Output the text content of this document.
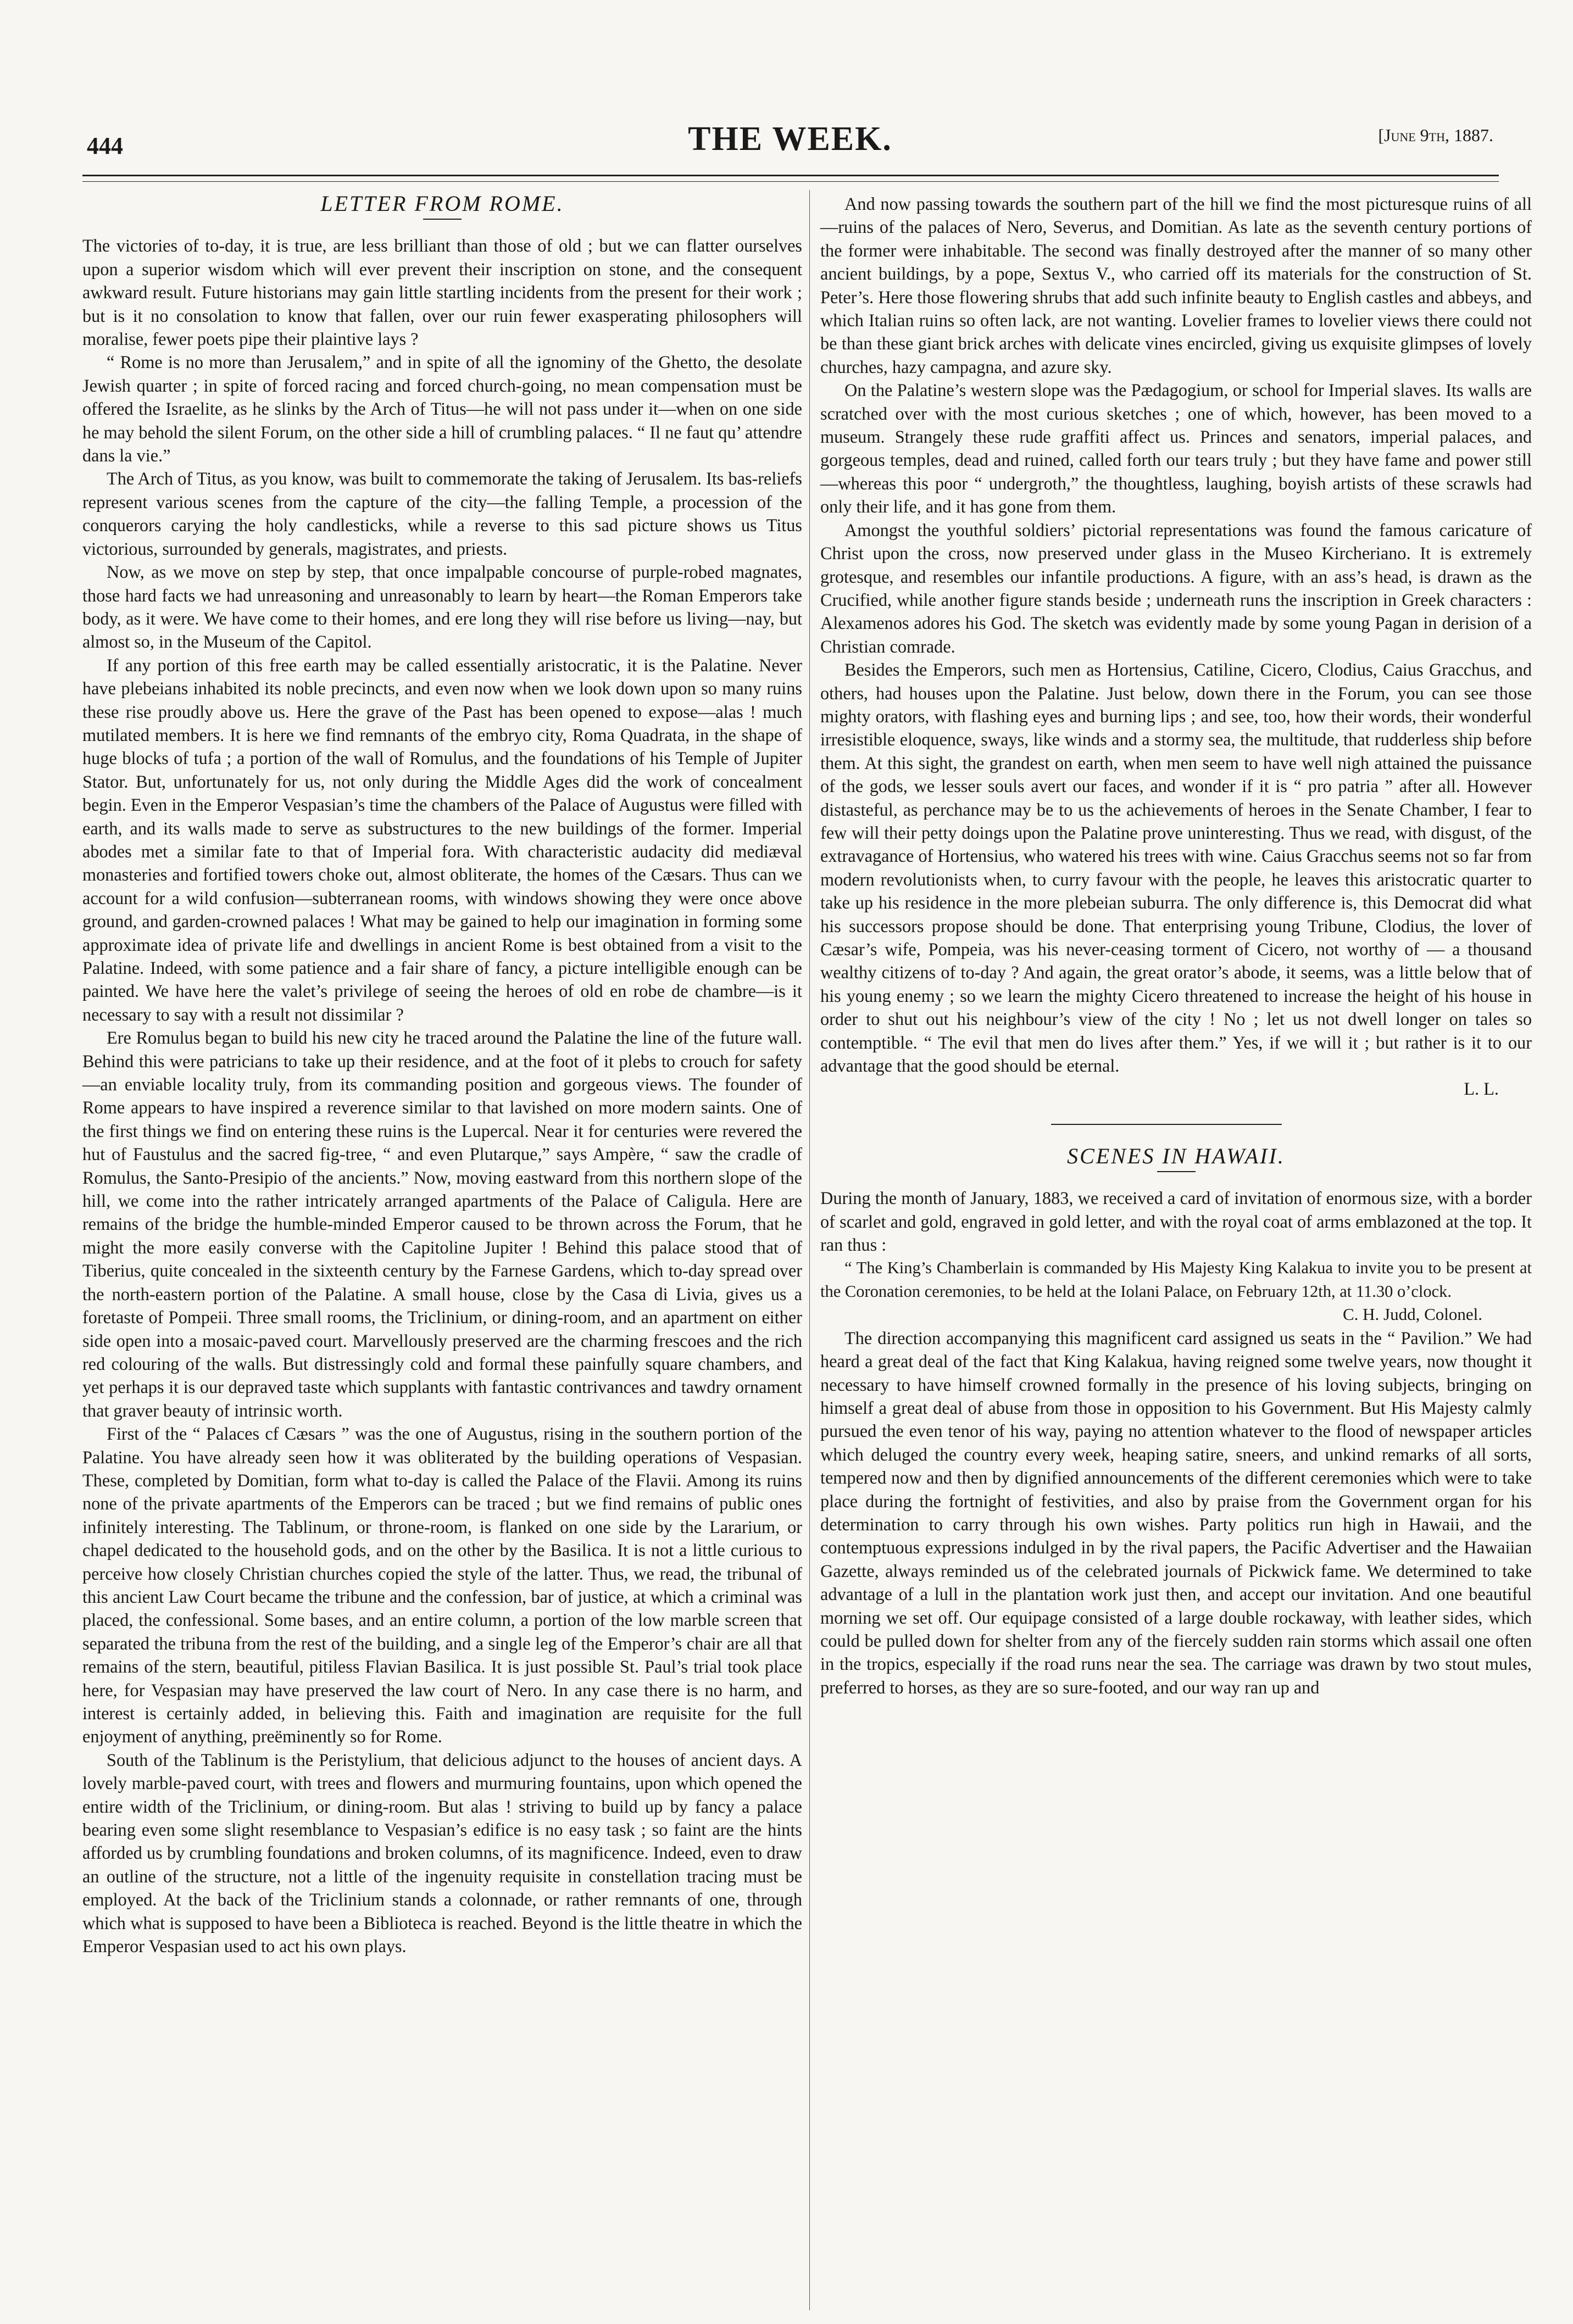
444	THE WEEK.	[June 9th, 1887.

LETTER FROM ROME.

The victories of to-day, it is true, are less brilliant than those of old ; but we can flatter ourselves upon a superior wisdom which will ever prevent their inscription on stone, and the consequent awkward result. Future historians may gain little startling incidents from the present for their work ; but is it no consolation to know that fallen, over our ruin fewer exasperating philosophers will moralise, fewer poets pipe their plaintive lays ?

“ Rome is no more than Jerusalem,” and in spite of all the ignominy of the Ghetto, the desolate Jewish quarter ; in spite of forced racing and forced church-going, no mean compensation must be offered the Israelite, as he slinks by the Arch of Titus—he will not pass under it—when on one side he may behold the silent Forum, on the other side a hill of crumbling palaces. “ Il ne faut qu’ attendre dans la vie.”

The Arch of Titus, as you know, was built to commemorate the taking of Jerusalem. Its bas-reliefs represent various scenes from the capture of the city—the falling Temple, a procession of the conquerors carying the holy candlesticks, while a reverse to this sad picture shows us Titus victorious, surrounded by generals, magistrates, and priests.

Now, as we move on step by step, that once impalpable concourse of purple-robed magnates, those hard facts we had unreasoning and unreasonably to learn by heart—the Roman Emperors take body, as it were. We have come to their homes, and ere long they will rise before us living—nay, but almost so, in the Museum of the Capitol.

If any portion of this free earth may be called essentially aristocratic, it is the Palatine. Never have plebeians inhabited its noble precincts, and even now when we look down upon so many ruins these rise proudly above us. Here the grave of the Past has been opened to expose—alas ! much mutilated members. It is here we find remnants of the embryo city, Roma Quadrata, in the shape of huge blocks of tufa ; a portion of the wall of Romulus, and the foundations of his Temple of Jupiter Stator. But, unfortunately for us, not only during the Middle Ages did the work of concealment begin. Even in the Emperor Vespasian’s time the chambers of the Palace of Augustus were filled with earth, and its walls made to serve as substructures to the new buildings of the former. Imperial abodes met a similar fate to that of Imperial fora. With characteristic audacity did mediæval monasteries and fortified towers choke out, almost obliterate, the homes of the Cæsars. Thus can we account for a wild confusion—subterranean rooms, with windows showing they were once above ground, and garden-crowned palaces ! What may be gained to help our imagination in forming some approximate idea of private life and dwellings in ancient Rome is best obtained from a visit to the Palatine. Indeed, with some patience and a fair share of fancy, a picture intelligible enough can be painted. We have here the valet’s privilege of seeing the heroes of old en robe de chambre—is it necessary to say with a result not dissimilar ?

Ere Romulus began to build his new city he traced around the Palatine the line of the future wall. Behind this were patricians to take up their residence, and at the foot of it plebs to crouch for safety—an enviable locality truly, from its commanding position and gorgeous views. The founder of Rome appears to have inspired a reverence similar to that lavished on more modern saints. One of the first things we find on entering these ruins is the Lupercal. Near it for centuries were revered the hut of Faustulus and the sacred fig-tree, “ and even Plutarque,” says Ampère, “ saw the cradle of Romulus, the Santo-Presipio of the ancients.” Now, moving eastward from this northern slope of the hill, we come into the rather intricately arranged apartments of the Palace of Caligula. Here are remains of the bridge the humble-minded Emperor caused to be thrown across the Forum, that he might the more easily converse with the Capitoline Jupiter ! Behind this palace stood that of Tiberius, quite concealed in the sixteenth century by the Farnese Gardens, which to-day spread over the north-eastern portion of the Palatine. A small house, close by the Casa di Livia, gives us a foretaste of Pompeii. Three small rooms, the Triclinium, or dining-room, and an apartment on either side open into a mosaic-paved court. Marvellously preserved are the charming frescoes and the rich red colouring of the walls. But distressingly cold and formal these painfully square chambers, and yet perhaps it is our depraved taste which supplants with fantastic contrivances and tawdry ornament that graver beauty of intrinsic worth.

First of the “ Palaces cf Cæsars ” was the one of Augustus, rising in the southern portion of the Palatine. You have already seen how it was obliterated by the building operations of Vespasian. These, completed by Domitian, form what to-day is called the Palace of the Flavii. Among its ruins none of the private apartments of the Emperors can be traced ; but we find remains of public ones infinitely interesting. The Tablinum, or throne-room, is flanked on one side by the Lararium, or chapel dedicated to the household gods, and on the other by the Basilica. It is not a little curious to perceive how closely Christian churches copied the style of the latter. Thus, we read, the tribunal of this ancient Law Court became the tribune and the confession, bar of justice, at which a criminal was placed, the confessional. Some bases, and an entire column, a portion of the low marble screen that separated the tribuna from the rest of the building, and a single leg of the Emperor’s chair are all that remains of the stern, beautiful, pitiless Flavian Basilica. It is just possible St. Paul’s trial took place here, for Vespasian may have preserved the law court of Nero. In any case there is no harm, and interest is certainly added, in believing this. Faith and imagination are requisite for the full enjoyment of anything, preëminently so for Rome.

South of the Tablinum is the Peristylium, that delicious adjunct to the houses of ancient days. A lovely marble-paved court, with trees and flowers and murmuring fountains, upon which opened the entire width of the Triclinium, or dining-room. But alas ! striving to build up by fancy a palace bearing even some slight resemblance to Vespasian’s edifice is no easy task ; so faint are the hints afforded us by crumbling foundations and broken columns, of its magnificence. Indeed, even to draw an outline of the structure, not a little of the ingenuity requisite in constellation tracing must be employed. At the back of the Triclinium stands a colonnade, or rather remnants of one, through which what is supposed to have been a Biblioteca is reached. Beyond is the little theatre in which the Emperor Vespasian used to act his own plays.

And now passing towards the southern part of the hill we find the most picturesque ruins of all—ruins of the palaces of Nero, Severus, and Domitian. As late as the seventh century portions of the former were inhabitable. The second was finally destroyed after the manner of so many other ancient buildings, by a pope, Sextus V., who carried off its materials for the construction of St. Peter’s. Here those flowering shrubs that add such infinite beauty to English castles and abbeys, and which Italian ruins so often lack, are not wanting. Lovelier frames to lovelier views there could not be than these giant brick arches with delicate vines encircled, giving us exquisite glimpses of lovely churches, hazy campagna, and azure sky.

On the Palatine’s western slope was the Pædagogium, or school for Imperial slaves. Its walls are scratched over with the most curious sketches ; one of which, however, has been moved to a museum. Strangely these rude graffiti affect us. Princes and senators, imperial palaces, and gorgeous temples, dead and ruined, called forth our tears truly ; but they have fame and power still—whereas this poor “ undergroth,” the thoughtless, laughing, boyish artists of these scrawls had only their life, and it has gone from them.

Amongst the youthful soldiers’ pictorial representations was found the famous caricature of Christ upon the cross, now preserved under glass in the Museo Kircheriano. It is extremely grotesque, and resembles our infantile productions. A figure, with an ass’s head, is drawn as the Crucified, while another figure stands beside ; underneath runs the inscription in Greek characters : Alexamenos adores his God. The sketch was evidently made by some young Pagan in derision of a Christian comrade.

Besides the Emperors, such men as Hortensius, Catiline, Cicero, Clodius, Caius Gracchus, and others, had houses upon the Palatine. Just below, down there in the Forum, you can see those mighty orators, with flashing eyes and burning lips ; and see, too, how their words, their wonderful irresistible eloquence, sways, like winds and a stormy sea, the multitude, that rudderless ship before them. At this sight, the grandest on earth, when men seem to have well nigh attained the puissance of the gods, we lesser souls avert our faces, and wonder if it is “ pro patria ” after all. However distasteful, as perchance may be to us the achievements of heroes in the Senate Chamber, I fear to few will their petty doings upon the Palatine prove uninteresting. Thus we read, with disgust, of the extravagance of Hortensius, who watered his trees with wine. Caius Gracchus seems not so far from modern revolutionists when, to curry favour with the people, he leaves this aristocratic quarter to take up his residence in the more plebeian suburra. The only difference is, this Democrat did what his successors propose should be done. That enterprising young Tribune, Clodius, the lover of Cæsar’s wife, Pompeia, was his never-ceasing torment of Cicero, not worthy of — a thousand wealthy citizens of to-day ? And again, the great orator’s abode, it seems, was a little below that of his young enemy ; so we learn the mighty Cicero threatened to increase the height of his house in order to shut out his neighbour’s view of the city ! No ; let us not dwell longer on tales so contemptible. “ The evil that men do lives after them.” Yes, if we will it ; but rather is it to our advantage that the good should be eternal.

L. L.

SCENES IN HAWAII.

During the month of January, 1883, we received a card of invitation of enormous size, with a border of scarlet and gold, engraved in gold letter, and with the royal coat of arms emblazoned at the top. It ran thus :

“ The King’s Chamberlain is commanded by His Majesty King Kalakua to invite you to be present at the Coronation ceremonies, to be held at the Iolani Palace, on February 12th, at 11.30 o’clock.

C. H. Judd, Colonel.

The direction accompanying this magnificent card assigned us seats in the “ Pavilion.” We had heard a great deal of the fact that King Kalakua, having reigned some twelve years, now thought it necessary to have himself crowned formally in the presence of his loving subjects, bringing on himself a great deal of abuse from those in opposition to his Government. But His Majesty calmly pursued the even tenor of his way, paying no attention whatever to the flood of newspaper articles which deluged the country every week, heaping satire, sneers, and unkind remarks of all sorts, tempered now and then by dignified announcements of the different ceremonies which were to take place during the fortnight of festivities, and also by praise from the Government organ for his determination to carry through his own wishes. Party politics run high in Hawaii, and the contemptuous expressions indulged in by the rival papers, the Pacific Advertiser and the Hawaiian Gazette, always reminded us of the celebrated journals of Pickwick fame. We determined to take advantage of a lull in the plantation work just then, and accept our invitation. And one beautiful morning we set off. Our equipage consisted of a large double rockaway, with leather sides, which could be pulled down for shelter from any of the fiercely sudden rain storms which assail one often in the tropics, especially if the road runs near the sea. The carriage was drawn by two stout mules, preferred to horses, as they are so sure-footed, and our way ran up and
